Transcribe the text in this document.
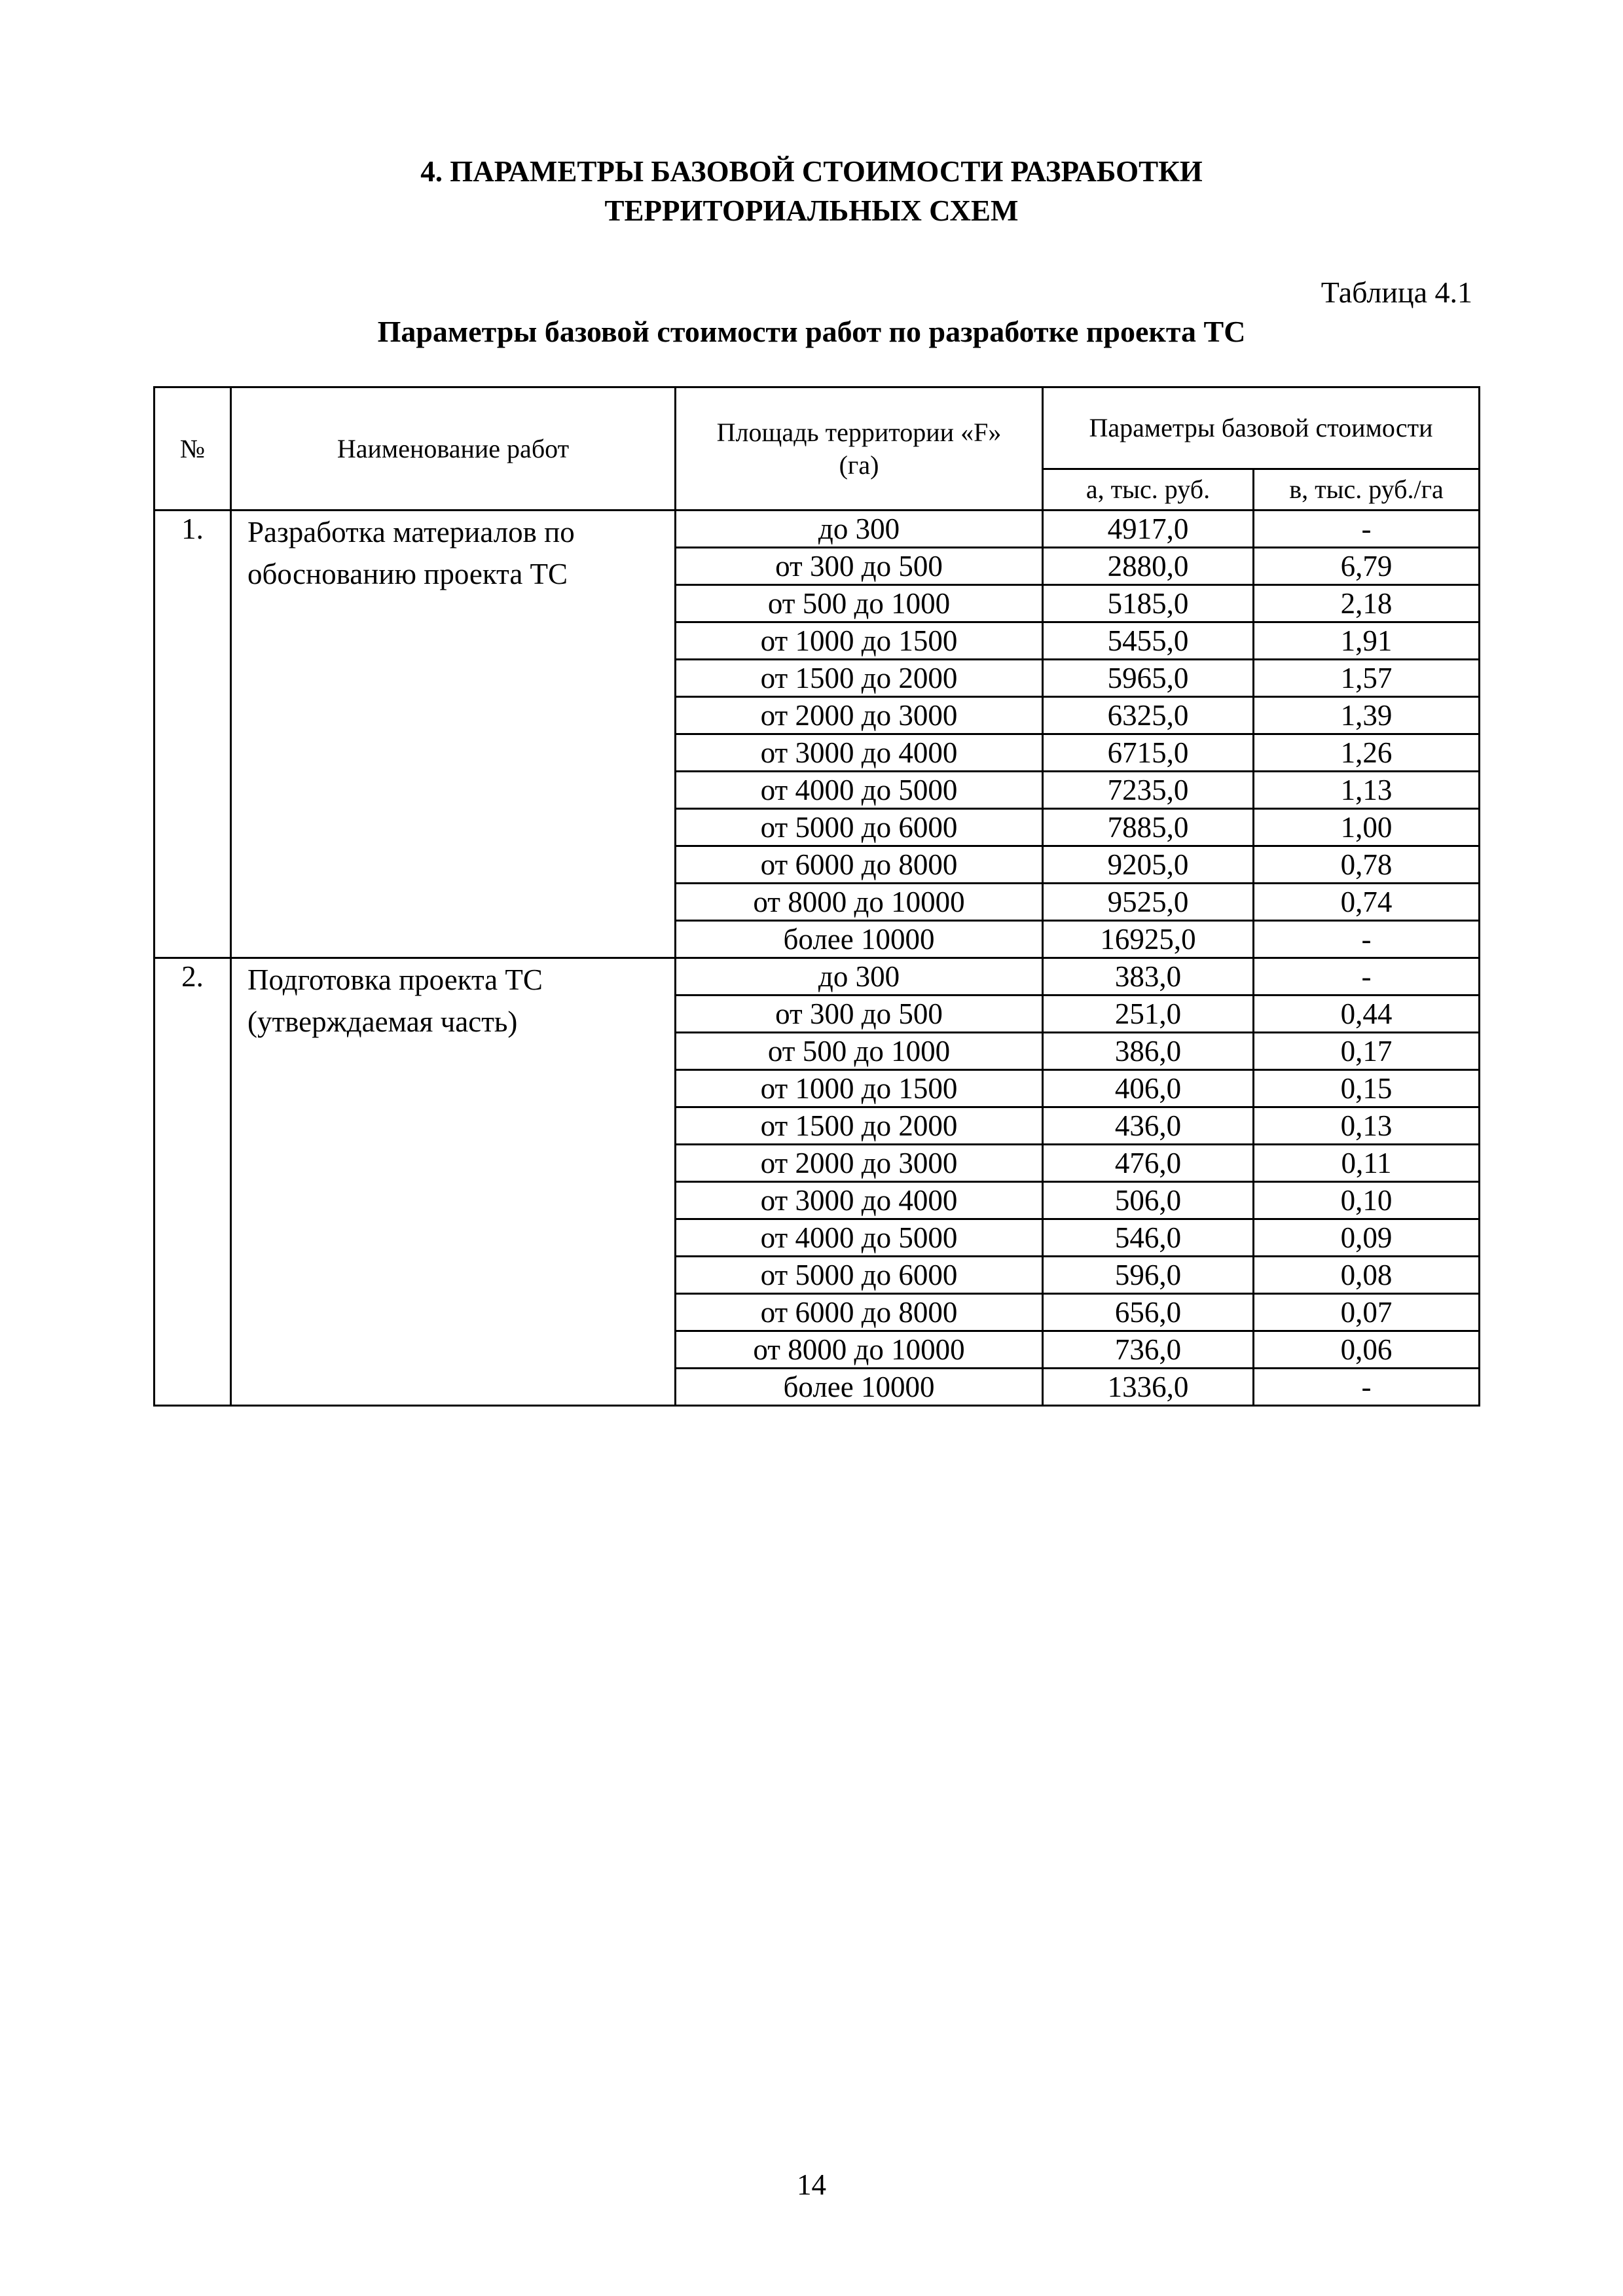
4. ПАРАМЕТРЫ БАЗОВОЙ СТОИМОСТИ РАЗРАБОТКИ
ТЕРРИТОРИАЛЬНЫХ СХЕМ
Таблица 4.1
Параметры базовой стоимости работ по разработке проекта ТС
№	Наименование работ	Площадь территории «F» (га)	Параметры базовой стоимости	
			а, тыс. руб.	в, тыс. руб./га
1.	Разработка материалов по обоснованию проекта ТС	до 300	4917,0	-
		от 300 до 500	2880,0	6,79
		от 500 до 1000	5185,0	2,18
		от 1000 до 1500	5455,0	1,91
		от 1500 до 2000	5965,0	1,57
		от 2000 до 3000	6325,0	1,39
		от 3000 до 4000	6715,0	1,26
		от 4000 до 5000	7235,0	1,13
		от 5000 до 6000	7885,0	1,00
		от 6000 до 8000	9205,0	0,78
		от 8000 до 10000	9525,0	0,74
		более 10000	16925,0	-
2.	Подготовка проекта ТС (утверждаемая часть)	до 300	383,0	-
		от 300 до 500	251,0	0,44
		от 500 до 1000	386,0	0,17
		от 1000 до 1500	406,0	0,15
		от 1500 до 2000	436,0	0,13
		от 2000 до 3000	476,0	0,11
		от 3000 до 4000	506,0	0,10
		от 4000 до 5000	546,0	0,09
		от 5000 до 6000	596,0	0,08
		от 6000 до 8000	656,0	0,07
		от 8000 до 10000	736,0	0,06
		более 10000	1336,0	-
14
